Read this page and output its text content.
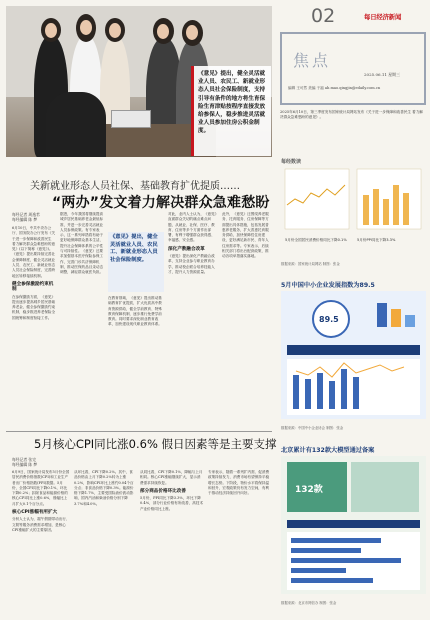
《意见》提出，健全灵活就业人员、农民工、新就业形态人员社会保险制度，支持引导有条件的地方将生育保险生育津贴按程序直接发放给参保人，稳步推进灵活就业人员参加住房公积金制度。
02	每日经济新闻
焦点
2025.06.11 星期三
编辑 王可然 美编 于福 ab.mao.qingjin@edaily.com.cn
2025年6月10日，第三季度发布国家统计局网站发布《关于进一步保障和改善民生 着力解决群众急难愁盼的意见》。
关新就业形态人员社保、基础教育扩优提质……
“两办”发文着力解决群众急难愁盼
每经记者 周逸苇
每经编辑 陈 梦
6月10日，中共中央办公厅、国务院办公厅发布《关于进一步保障和改善民生 着力解决群众急难愁盼的意见》(以下简称《意见》)。《意见》提出要持续完善社会保障制度，健全灵活就业人员、农民工、新就业形态人员社会保险制度，完善跨地区转移接续机制。
健全参保激励约束机制
在参保激励方面，《意见》提出逐步提高城乡居民基础养老金，健全参保激励约束机制，稳步推进养老保险全国统筹和制度衔接工作。
据悉，今年我国将继续提高城乡居民基础养老金最低标准，并进一步完善灵活就业人员参保政策。有专家表示，这一系列举措将有助于更好地保障群众基本生活，提升社会保障体系的公平性与可持续性。《意见》还要求加强基本医疗保险参保工作，完善门诊共济保障机制，推动医保药品目录动态调整，减轻群众就医负担。
《意见》提出，健全灵活就业人员、农民工、新就业形态人员社会保险制度。
在教育领域，《意见》提出推动基础教育扩优提质，扩大优质高中教育资源供给，健全学前教育、特殊教育保障机制，逐步推行免费学前教育。同时要求深化职业教育改革，加快建设现代职业教育体系。
对此，业内人士认为，《意见》直面群众关切的痛点难点问题，从就业、社保、医疗、教育、住房等多个方面作出部署，有利于增强群众获得感、幸福感、安全感。
深化产教融合改革
《意见》提出深化产教融合改革，支持企业参与职业教育办学，推动校企联合培养技能人才，提升人力资源质量。
此外，《意见》还围绕养老服务、托育服务、住房保障等方面提出具体措施，包括发展普惠养老服务，扩大普惠托育服务供给，加快保障性住房建设，更好满足新市民、青年人住房需求等。专家表示，后续相关部门将出台配套政策，推动各项举措落实落地。
5月核心CPI同比涨0.6% 假日因素等是主要支撑
每经记者 张完
每经编辑 陈 梦
6月9日，国家统计局发布5月份全国居民消费价格指数(CPI)和工业生产者出厂价格指数(PPI)数据。5月份，全国CPI同比下降0.1%，环比下降0.2%；扣除食品和能源价格的核心CPI同比上涨0.6%，涨幅比上月扩大0.1个百分点。
核心CPI涨幅有所扩大
分析人士认为，端午假期带动出行、文娱等服务消费需求增加，是核心CPI涨幅扩大的主要原因。
从环比看，CPI下降0.2%。其中，食品价格由上月下降0.2%转为上涨0.2%，影响CPI环比上涨约0.04个百分点；非食品价格下降0.3%。能源价格下降1.7%，主要受国际油价波动影响，国内汽油和柴油价格分别下降3.7%和4.0%。
从同比看，CPI下降0.1%，降幅与上月相同。核心CPI涨幅继续扩大，显示消费需求持续恢复。
部分商品价格环比改善
5月份，PPI同比下降3.3%，环比下降0.4%，部分行业价格有所改善，高技术产业价格同比上涨。
专家表示，随着一系列扩内需、促消费政策持续发力，消费市场有望保持平稳增长态势。下阶段，物价水平将保持温和回升，宏观政策仍有发力空间，有利于推动经济持续回升向好。
每经数读
5月份全国居民消费价格同比下降0.1%	5月份PPI同比下降3.3%
数据来源：国家统计局网站 制图：张金
5月中国中小企业发展指数为89.5
89.5
数据来源：中国中小企业协会 制图：张金
北京累计有132款大模型通过备案
132款
数据来源：北京市网信办 制图：张金
